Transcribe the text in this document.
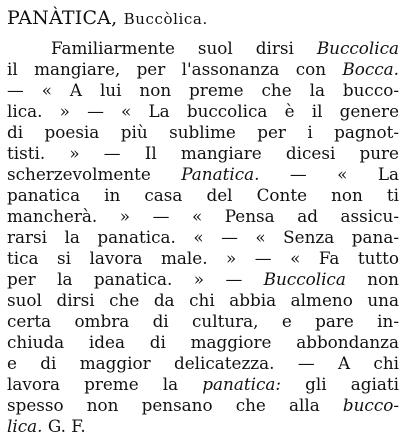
PANÀTICA, Buccòlica.
Familiarmente suol dirsi Buccolica
il mangiare, per l'assonanza con Bocca.
— « A lui non preme che la bucco-
lica. » — « La buccolica è il genere
di poesia più sublime per i pagnot-
tisti. » — Il mangiare dicesi pure
scherzevolmente Panatica. — « La
panatica in casa del Conte non ti
mancherà. » — « Pensa ad assicu-
rarsi la panatica. « — « Senza pana-
tica si lavora male. » — « Fa tutto
per la panatica. » — Buccolica non
suol dirsi che da chi abbia almeno una
certa ombra di cultura, e pare in-
chiuda idea di maggiore abbondanza
e di maggior delicatezza. — A chi
lavora preme la panatica: gli agiati
spesso non pensano che alla bucco-
lica. G. F.
